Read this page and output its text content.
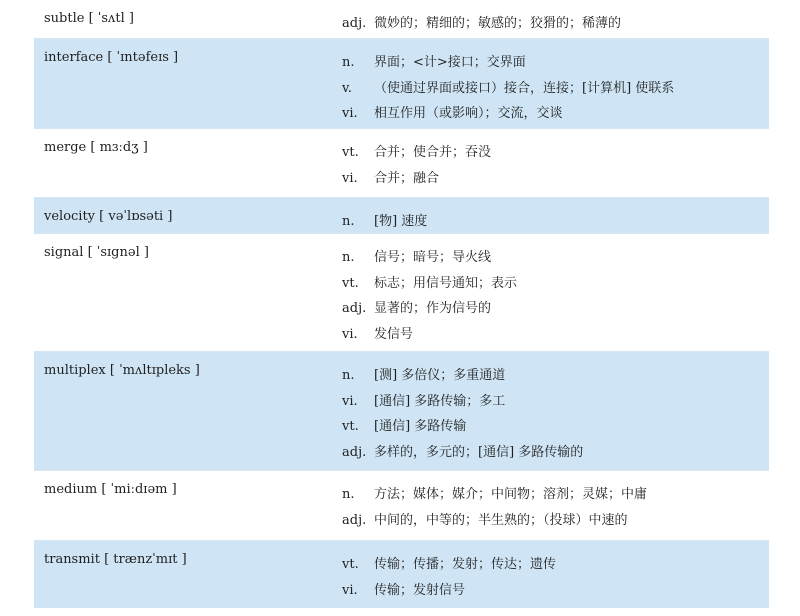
subtle [ ˈsʌtl ]	adj. 微妙的；精细的；敏感的；狡猾的；稀薄的
interface [ ˈɪntəfeɪs ]	n.	界面；<计>接口；交界面
v.	（使通过界面或接口）接合，连接；[计算机] 使联系
vi.	相互作用（或影响）；交流，交谈
merge [ mɜːdʒ ]	vt.	合并；使合并；吞没
vi.	合并；融合
velocity [ vəˈlɒsəti ]	n.	[物] 速度
signal [ ˈsɪgnəl ]	n.	信号；暗号；导火线
vt.	标志；用信号通知；表示
adj. 显著的；作为信号的
vi.	发信号
multiplex [ ˈmʌltɪpleks ]	n.	[测] 多倍仪；多重通道
vi.	[通信] 多路传输；多工
vt.	[通信] 多路传输
adj. 多样的，多元的；[通信] 多路传输的
medium [ ˈmiːdɪəm ]	n.	方法；媒体；媒介；中间物；溶剂；灵媒；中庸
adj. 中间的，中等的；半生熟的；（投球）中速的
transmit [ trænzˈmɪt ]	vt.	传输；传播；发射；传达；遗传
vi.	传输；发射信号
